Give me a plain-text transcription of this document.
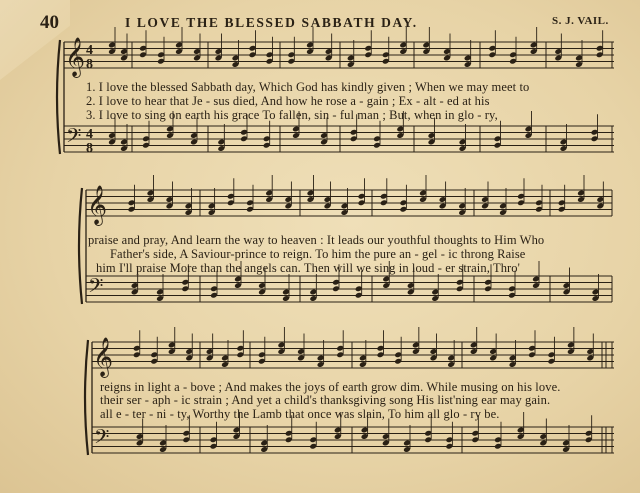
40	I LOVE THE BLESSED SABBATH DAY.	S. J. VAIL.
𝄞
𝄢
4
8
4
8
𝄞
𝄢
𝄞
𝄢
1. I love the blessed Sabbath day, Which God has kindly given ; When we may meet to
2. I love to hear that Je - sus died, And how he rose a - gain ; Ex - alt - ed at his
3. I love to sing on earth his grace To fallen, sin - ful man ; But, when in glo - ry,
praise and pray, And learn the way to heaven : It leads our youthful thoughts to Him Who
Father's side, A Saviour-prince to reign. To him the pure an - gel - ic throng Raise
him I'll praise More than the angels can. Then will we sing in loud - er strain, Thro'
reigns in light a - bove ; And makes the joys of earth grow dim. While musing on his love.
their ser - aph - ic strain ; And yet a child's thanksgiving song His list'ning ear may gain.
all e - ter - ni - ty, Worthy the Lamb that once was slain, To him all glo - ry be.
